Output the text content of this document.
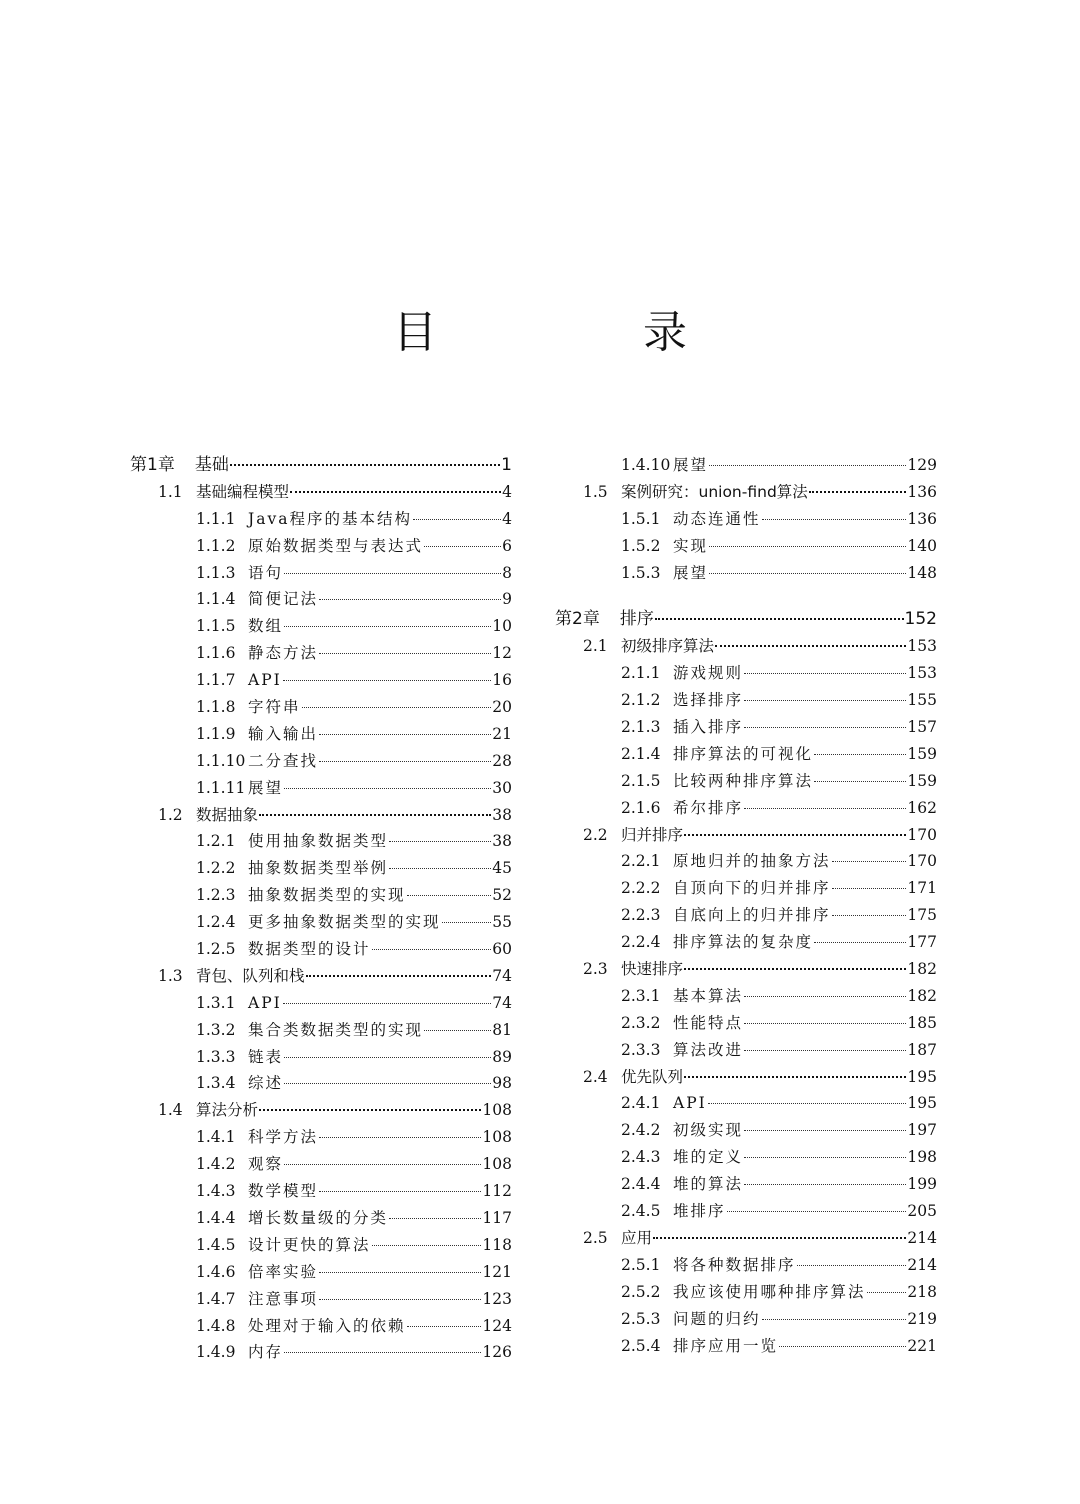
目 录
第1章	基础	1
1.1 基础编程模型	4
1.1.1 Java程序的基本结构	4
1.1.2 原始数据类型与表达式	6
1.1.3 语句	8
1.1.4 简便记法	9
1.1.5 数组	10
1.1.6 静态方法	12
1.1.7 API	16
1.1.8 字符串	20
1.1.9 输入输出	21
1.1.10 二分查找	28
1.1.11 展望	30
1.2 数据抽象	38
1.2.1 使用抽象数据类型	38
1.2.2 抽象数据类型举例	45
1.2.3 抽象数据类型的实现	52
1.2.4 更多抽象数据类型的实现	55
1.2.5 数据类型的设计	60
1.3 背包、队列和栈	74
1.3.1 API	74
1.3.2 集合类数据类型的实现	81
1.3.3 链表	89
1.3.4 综述	98
1.4 算法分析	108
1.4.1 科学方法	108
1.4.2 观察	108
1.4.3 数学模型	112
1.4.4 增长数量级的分类	117
1.4.5 设计更快的算法	118
1.4.6 倍率实验	121
1.4.7 注意事项	123
1.4.8 处理对于输入的依赖	124
1.4.9 内存	126
1.4.10 展望	129
1.5 案例研究：union-find算法	136
1.5.1 动态连通性	136
1.5.2 实现	140
1.5.3 展望	148
第2章	排序	152
2.1 初级排序算法	153
2.1.1 游戏规则	153
2.1.2 选择排序	155
2.1.3 插入排序	157
2.1.4 排序算法的可视化	159
2.1.5 比较两种排序算法	159
2.1.6 希尔排序	162
2.2 归并排序	170
2.2.1 原地归并的抽象方法	170
2.2.2 自顶向下的归并排序	171
2.2.3 自底向上的归并排序	175
2.2.4 排序算法的复杂度	177
2.3 快速排序	182
2.3.1 基本算法	182
2.3.2 性能特点	185
2.3.3 算法改进	187
2.4 优先队列	195
2.4.1 API	195
2.4.2 初级实现	197
2.4.3 堆的定义	198
2.4.4 堆的算法	199
2.4.5 堆排序	205
2.5 应用	214
2.5.1 将各种数据排序	214
2.5.2 我应该使用哪种排序算法	218
2.5.3 问题的归约	219
2.5.4 排序应用一览	221
